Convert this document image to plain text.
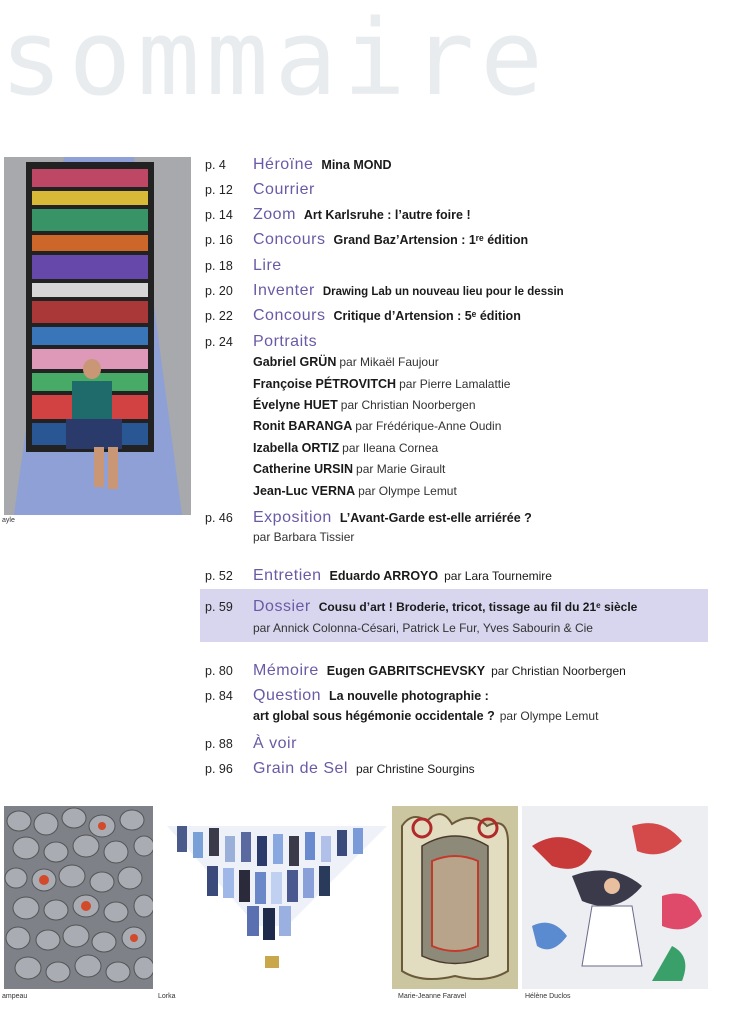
sommaire
ayle
p. 4 Héroïne Mina MOND
p. 12 Courrier
p. 14 Zoom Art Karlsruhe : l’autre foire !
p. 16 Concours Grand Baz’Artension : 1ʳᵉ édition
p. 18 Lire
p. 20 Inventer Drawing Lab un nouveau lieu pour le dessin
p. 22 Concours Critique d’Artension : 5ᵉ édition
p. 24 Portraits
Gabriel GRÜN par Mikaël Faujour
Françoise PÉTROVITCH par Pierre Lamalattie
Évelyne HUET par Christian Noorbergen
Ronit BARANGA par Frédérique-Anne Oudin
Izabella ORTIZ par Ileana Cornea
Catherine URSIN par Marie Girault
Jean-Luc VERNA par Olympe Lemut
p. 46 Exposition L’Avant-Garde est-elle arriérée ?
par Barbara Tissier
p. 52 Entretien Eduardo ARROYO par Lara Tournemire
p. 59 Dossier Cousu d’art ! Broderie, tricot, tissage au fil du 21ᵉ siècle
par Annick Colonna-Césari, Patrick Le Fur, Yves Sabourin & Cie
p. 80 Mémoire Eugen GABRITSCHEVSKY par Christian Noorbergen
p. 84 Question La nouvelle photographie :
art global sous hégémonie occidentale ? par Olympe Lemut
p. 88 À voir
p. 96 Grain de Sel par Christine Sourgins
ampeau	Lorka	Marie-Jeanne Faravel	Hélène Duclos
